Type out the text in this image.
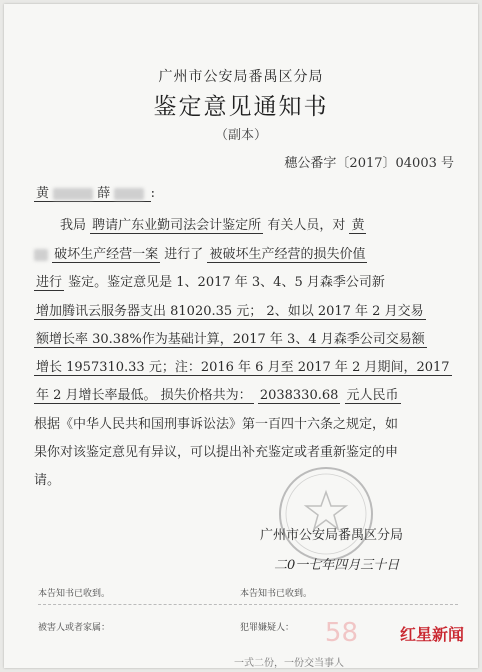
广州市公安局番禺区分局
鉴定意见通知书
（副本）
穗公番字〔2017〕04003 号
黄	薛	:
我局 聘请广东业勤司法会计鉴定所 有关人员，对 黄
破坏生产经营一案 进行了 被破坏生产经营的损失价值
进行 鉴定。鉴定意见是 1、2017 年 3、4、5 月森季公司新
增加腾讯云服务器支出 81020.35 元； 2、如以 2017 年 2 月交易
额增长率 30.38%作为基础计算，2017 年 3、4 月森季公司交易额
增长 1957310.33 元；注：2016 年 6 月至 2017 年 2 月期间，2017
年 2 月增长率最低。 损失价格共为： 2038330.68 元人民币
根据《中华人民共和国刑事诉讼法》第一百四十六条之规定，如
果你对该鉴定意见有异议，可以提出补充鉴定或者重新鉴定的申
请。
广州市公安局番禺区分局
二0一七年四月三十日
本告知书已收到。	本告知书已收到。
被害人或者家属：	犯罪嫌疑人： 58	红星新闻
一式二份，一份交当事人
